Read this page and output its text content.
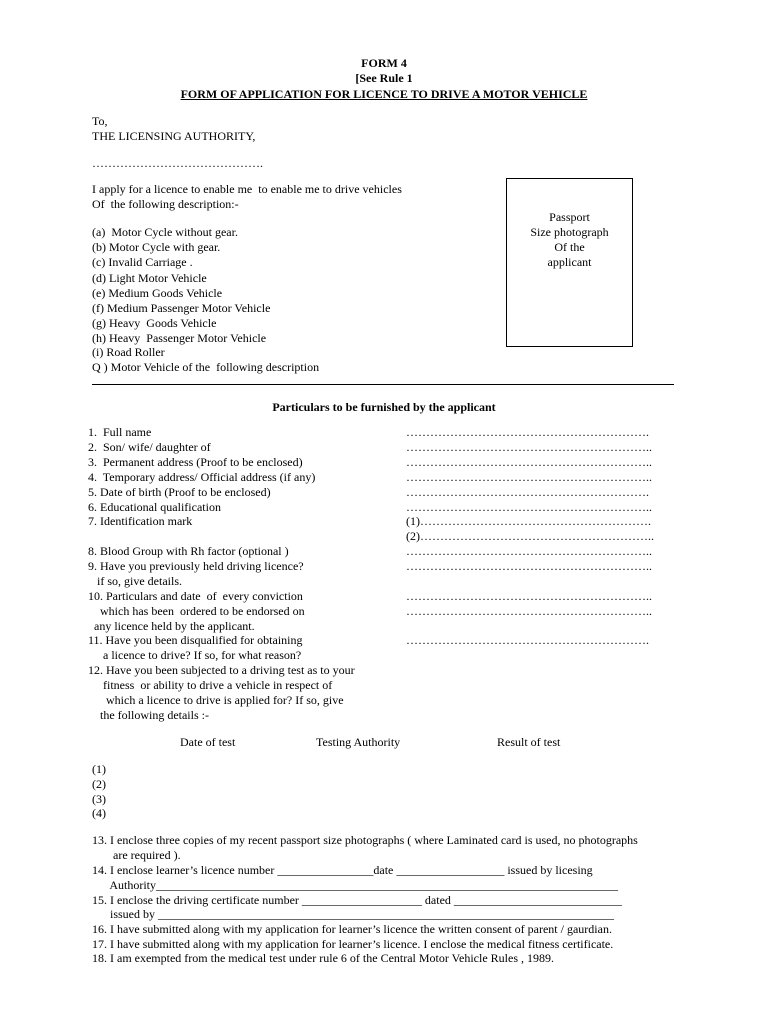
FORM 4
[See Rule 1
FORM OF APPLICATION FOR LICENCE TO DRIVE A MOTOR VEHICLE
To,
THE LICENSING AUTHORITY,
…………………………………….
I apply for a licence to enable me  to enable me to drive vehicles
Of  the following description:-
(a)  Motor Cycle without gear.
(b) Motor Cycle with gear.
(c) Invalid Carriage .
(d) Light Motor Vehicle
(e) Medium Goods Vehicle
(f) Medium Passenger Motor Vehicle
(g) Heavy  Goods Vehicle
(h) Heavy  Passenger Motor Vehicle
(i) Road Roller
Q ) Motor Vehicle of the  following description
Passport
Size photograph
Of the
applicant
Particulars to be furnished by the applicant
1.  Full name
2.  Son/ wife/ daughter of
3.  Permanent address (Proof to be enclosed)
4.  Temporary address/ Official address (if any)
5. Date of birth (Proof to be enclosed)
6. Educational qualification
7. Identification mark
8. Blood Group with Rh factor (optional )
9. Have you previously held driving licence?
if so, give details.
10. Particulars and date  of  every conviction
which has been  ordered to be endorsed on
any licence held by the applicant.
11. Have you been disqualified for obtaining
a licence to drive? If so, for what reason?
12. Have you been subjected to a driving test as to your
fitness  or ability to drive a vehicle in respect of
which a licence to drive is applied for? If so, give
the following details :-
…………………………………………………….
……………………………………………………..
……………………………………………………..
……………………………………………………..
…………………………………………………….
……………………………………………………..
(1)………………………………………………….
(2)…………………………………………………..
……………………………………………………..
……………………………………………………..
……………………………………………………..
……………………………………………………..
…………………………………………………….
Date of test	Testing Authority	Result of test
(1)
(2)
(3)
(4)
13. I enclose three copies of my recent passport size photographs ( where Laminated card is used, no photographs
are required ).
14. I enclose learner’s licence number ________________date __________________ issued by licesing
Authority_____________________________________________________________________________
15. I enclose the driving certificate number ____________________ dated ____________________________
issued by ____________________________________________________________________________
16. I have submitted along with my application for learner’s licence the written consent of parent / gaurdian.
17. I have submitted along with my application for learner’s licence. I enclose the medical fitness certificate.
18. I am exempted from the medical test under rule 6 of the Central Motor Vehicle Rules , 1989.
